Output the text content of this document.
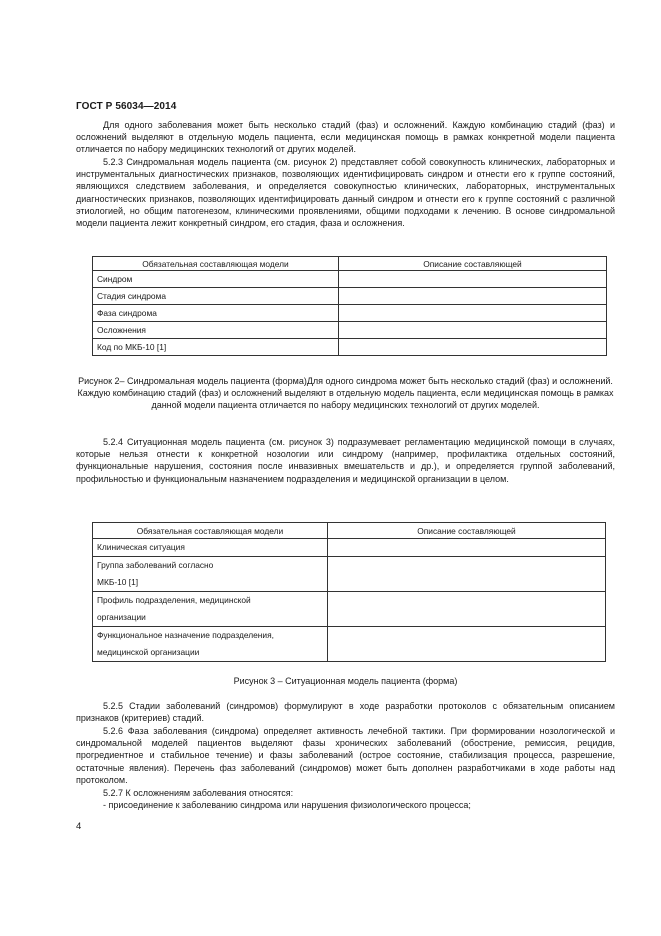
ГОСТ Р 56034—2014

Для одного заболевания может быть несколько стадий (фаз) и осложнений. Каждую комбинацию стадий (фаз) и осложнений выделяют в отдельную модель пациента, если медицинская помощь в рамках конкретной модели пациента отличается по набору медицинских технологий от других моделей.

5.2.3 Синдромальная модель пациента (см. рисунок 2) представляет собой совокупность клинических, лабораторных и инструментальных диагностических признаков, позволяющих идентифицировать синдром и отнести его к группе состояний, являющихся следствием заболевания, и определяется совокупностью клинических, лабораторных, инструментальных диагностических признаков, позволяющих идентифицировать данный синдром и отнести его к группе состояний с различной этиологией, но общим патогенезом, клиническими проявлениями, общими подходами к лечению. В основе синдромальной модели пациента лежит конкретный синдром, его стадия, фаза и осложнения.

Обязательная составляющая модели	Описание составляющей
Синдром	
Стадия синдрома	
Фаза синдрома	
Осложнения	
Код по МКБ-10 [1]	
Рисунок 2– Синдромальная модель пациента (форма)Для одного синдрома может быть несколько стадий (фаз) и осложнений. Каждую комбинацию стадий (фаз) и осложнений выделяют в отдельную модель пациента, если медицинская помощь в рамках данной модели пациента отличается по набору медицинских технологий от других моделей.

5.2.4 Ситуационная модель пациента (см. рисунок 3) подразумевает регламентацию медицинской помощи в случаях, которые нельзя отнести к конкретной нозологии или синдрому (например, профилактика отдельных состояний, функциональные нарушения, состояния после инвазивных вмешательств и др.), и определяется группой заболеваний, профильностью и функциональным назначением подразделения и медицинской организации в целом.

Обязательная составляющая модели	Описание составляющей
Клиническая ситуация	
Группа заболеваний согласно
МКБ-10 [1]	
Профиль подразделения, медицинской
организации	
Функциональное назначение подразделения,
медицинской организации	
Рисунок 3 – Ситуационная модель пациента (форма)

5.2.5 Стадии заболеваний (синдромов) формулируют в ходе разработки протоколов с обязательным описанием признаков (критериев) стадий.

5.2.6 Фаза заболевания (синдрома) определяет активность лечебной тактики. При формировании нозологической и синдромальной моделей пациентов выделяют фазы хронических заболеваний (обострение, ремиссия, рецидив, прогредиентное и стабильное течение) и фазы заболеваний (острое состояние, стабилизация процесса, разрешение, остаточные явления). Перечень фаз заболеваний (синдромов) может быть дополнен разработчиками в ходе работы над протоколом.

5.2.7 К осложнениям заболевания относятся:

- присоединение к заболеванию синдрома или нарушения физиологического процесса;

4
